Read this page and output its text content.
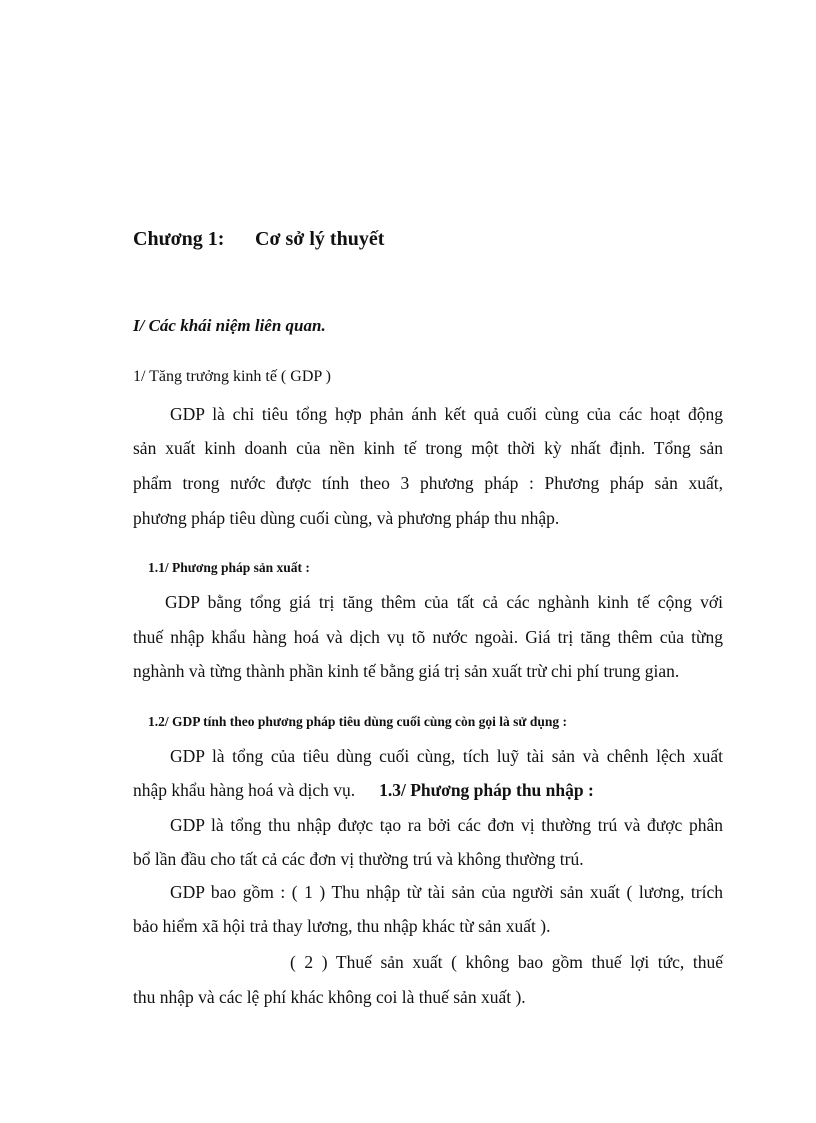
Chương 1: Cơ sở lý thuyết
I/ Các khái niệm liên quan.
1/ Tăng trưởng kinh tế ( GDP )
GDP là chỉ tiêu tổng hợp phản ánh kết quả cuối cùng của các hoạt động
sản xuất kinh doanh của nền kinh tế trong một thời kỳ nhất định. Tổng sản
phẩm trong nước được tính theo 3 phương pháp : Phương pháp sản xuất,
phương pháp tiêu dùng cuối cùng, và phương pháp thu nhập.
1.1/ Phương pháp sản xuất :
GDP bằng tổng giá trị tăng thêm của tất cả các nghành kinh tế cộng với
thuế nhập khẩu hàng hoá và dịch vụ tõ nước ngoài. Giá trị tăng thêm của từng
nghành và từng thành phần kinh tế bằng giá trị sản xuất trừ chi phí trung gian.
1.2/ GDP tính theo phương pháp tiêu dùng cuối cùng còn gọi là sử dụng :
GDP là tổng của tiêu dùng cuối cùng, tích luỹ tài sản và chênh lệch xuất
nhập khẩu hàng hoá và dịch vụ. 1.3/ Phương pháp thu nhập :
GDP là tổng thu nhập được tạo ra bởi các đơn vị thường trú và được phân
bổ lần đầu cho tất cả các đơn vị thường trú và không thường trú.
GDP bao gồm : ( 1 ) Thu nhập từ tài sản của người sản xuất ( lương, trích
bảo hiểm xã hội trả thay lương, thu nhập khác từ sản xuất ).
( 2 ) Thuế sản xuất ( không bao gồm thuế lợi tức, thuế
thu nhập và các lệ phí khác không coi là thuế sản xuất ).
